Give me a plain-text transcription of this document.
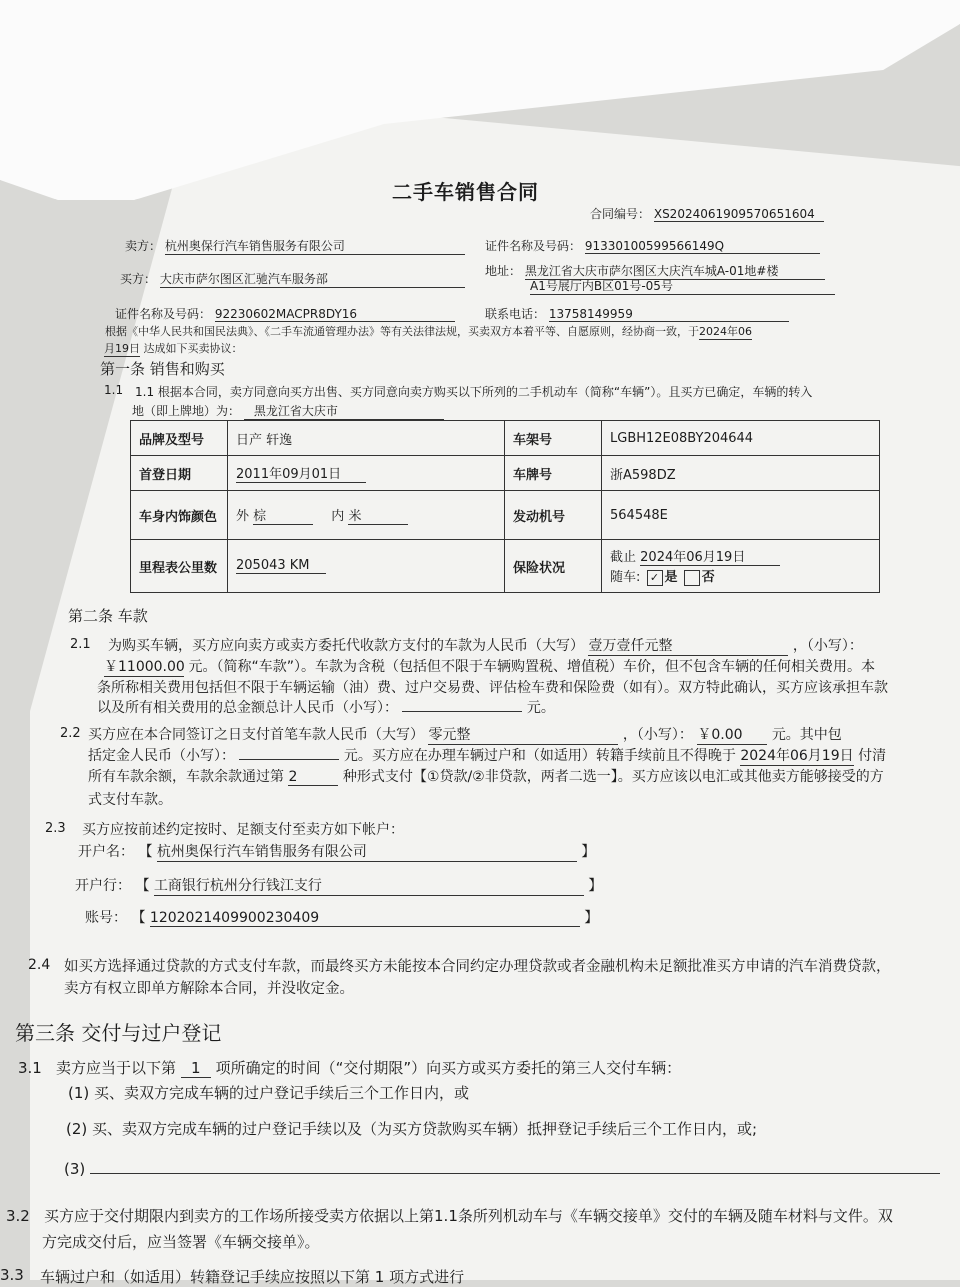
二手车销售合同
合同编号： XS2024061909570651604
卖方： 杭州奥保行汽车销售服务有限公司	证件名称及号码： 91330100599566149Q
买方： 大庆市萨尔图区汇驰汽车服务部
地址： 黑龙江省大庆市萨尔图区大庆汽车城A-01地#楼
A1号展厅内B区01号-05号
证件名称及号码： 92230602MACPR8DY16	联系电话： 13758149959
根据《中华人民共和国民法典》、《二手车流通管理办法》等有关法律法规，买卖双方本着平等、自愿原则，经协商一致，于2024年06
月19日 达成如下买卖协议：
第一条 销售和购买
1.1 1.1 根据本合同，卖方同意向买方出售、买方同意向卖方购买以下所列的二手机动车（简称“车辆”）。且买方已确定，车辆的转入
地（即上牌地）为： 黑龙江省大庆市
品牌及型号	日产 轩逸	车架号	LGBH12E08BY204644
首登日期	2011年09月01日	车牌号	浙A598DZ
车身内饰颜色	外 棕 内 米	发动机号	564548E
里程表公里数	205043 KM	保险状况	截止 2024年06月19日
随车: ✓ 是 否
第二条 车款
2.1 为购买车辆，买方应向卖方或卖方委托代收款方支付的车款为人民币（大写） 壹万壹仟元整	，（小写）：
￥11000.00 元。（简称“车款”）。车款为含税（包括但不限于车辆购置税、增值税）车价，但不包含车辆的任何相关费用。本
条所称相关费用包括但不限于车辆运输（油）费、过户交易费、评估检车费和保险费（如有）。双方特此确认，买方应该承担车款
以及所有相关费用的总金额总计人民币（小写）：	元。
2.2 买方应在本合同签订之日支付首笔车款人民币（大写） 零元整	，（小写）： ￥0.00 元。其中包
括定金人民币（小写）：	元。买方应在办理车辆过户和（如适用）转籍手续前且不得晚于 2024年06月19日 付清
所有车款余额，车款余款通过第 2	种形式支付【①贷款/②非贷款，两者二选一】。买方应该以电汇或其他卖方能够接受的方
式支付车款。
2.3 买方应按前述约定按时、足额支付至卖方如下帐户：
开户名： 【 杭州奥保行汽车销售服务有限公司	】
开户行： 【 工商银行杭州分行钱江支行	】
账号： 【 1202021409900230409	】
2.4 如买方选择通过贷款的方式支付车款，而最终买方未能按本合同约定办理贷款或者金融机构未足额批准买方申请的汽车消费贷款，
卖方有权立即单方解除本合同，并没收定金。
第三条 交付与过户登记
3.1 卖方应当于以下第 1 项所确定的时间（“交付期限”）向买方或买方委托的第三人交付车辆：
(1) 买、卖双方完成车辆的过户登记手续后三个工作日内，或
(2) 买、卖双方完成车辆的过户登记手续以及（为买方贷款购买车辆）抵押登记手续后三个工作日内，或;
(3)
3.2 买方应于交付期限内到卖方的工作场所接受卖方依据以上第1.1条所列机动车与《车辆交接单》交付的车辆及随车材料与文件。双
方完成交付后，应当签署《车辆交接单》。
3.3 车辆过户和（如适用）转籍登记手续应按照以下第 1 项方式进行
